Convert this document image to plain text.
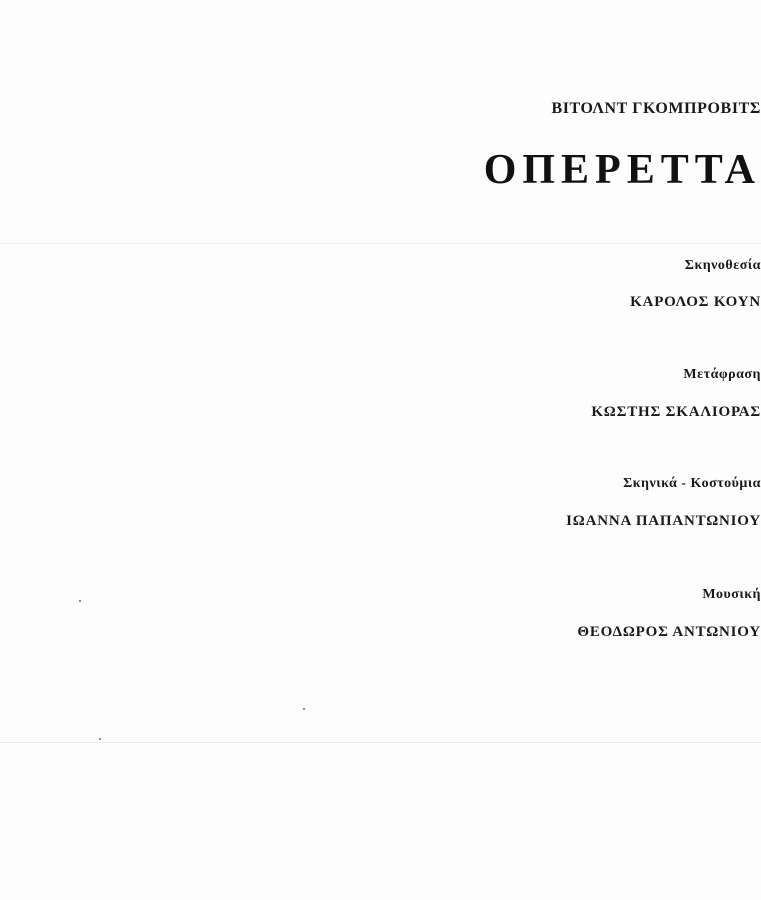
ΒΙΤΟΛΝΤ ΓΚΟΜΠΡΟΒΙΤΣ
ΟΠΕΡΕΤΤΑ
Σκηνοθεσία
ΚΑΡΟΛΟΣ ΚΟΥΝ
Μετάφραση
ΚΩΣΤΗΣ ΣΚΑΛΙΟΡΑΣ
Σκηνικά - Κοστούμια
ΙΩΑΝΝΑ ΠΑΠΑΝΤΩΝΙΟΥ
Μουσική
ΘΕΟΔΩΡΟΣ ΑΝΤΩΝΙΟΥ
